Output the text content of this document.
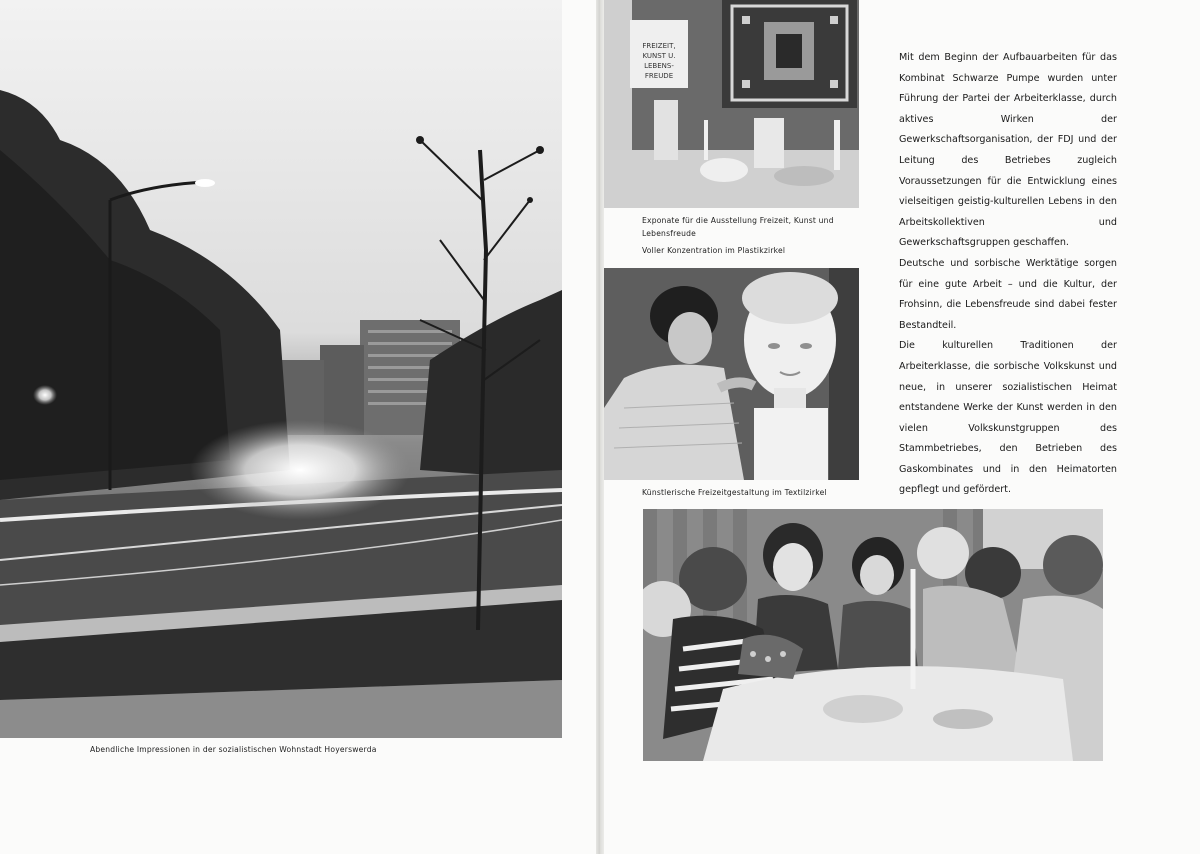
Abendliche Impressionen in der sozialistischen Wohnstadt Hoyerswerda
FREIZEIT,
KUNST U.
LEBENS-
FREUDE
Exponate für die Ausstellung Freizeit, Kunst und Lebensfreude
Voller Konzentration im Plastikzirkel
Künstlerische Freizeitgestaltung im Textilzirkel

Mit dem Beginn der Aufbauarbeiten für das Kombinat Schwarze Pumpe wurden unter Führung der Partei der Arbeiterklasse, durch aktives Wirken der Gewerkschaftsorganisation, der FDJ und der Leitung des Betriebes zugleich Voraussetzungen für die Entwicklung eines vielseitigen geistig-kulturellen Lebens in den Arbeitskollektiven und Gewerkschaftsgruppen geschaffen.

Deutsche und sorbische Werktätige sorgen für eine gute Arbeit – und die Kultur, der Frohsinn, die Lebensfreude sind dabei fester Bestandteil.

Die kulturellen Traditionen der Arbeiterklasse, die sorbische Volkskunst und neue, in unserer sozialistischen Heimat entstandene Werke der Kunst werden in den vielen Volkskunstgruppen des Stammbetriebes, den Betrieben des Gaskombinates und in den Heimatorten gepflegt und gefördert.
